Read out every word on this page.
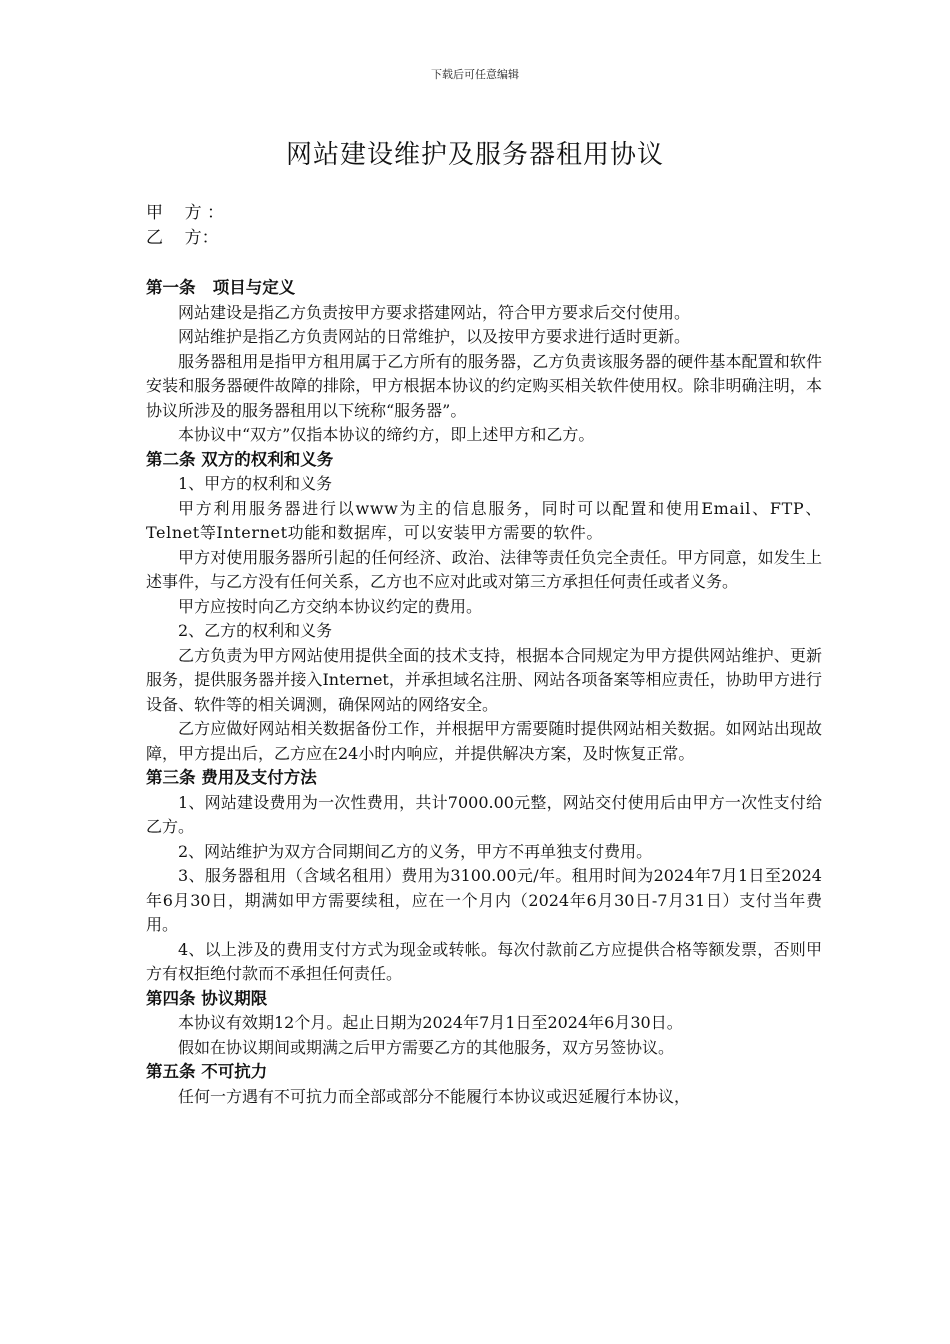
下载后可任意编辑
网站建设维护及服务器租用协议
甲    方 ：
乙    方：
第一条   项目与定义

网站建设是指乙方负责按甲方要求搭建网站，符合甲方要求后交付使用。

网站维护是指乙方负责网站的日常维护，以及按甲方要求进行适时更新。

服务器租用是指甲方租用属于乙方所有的服务器，乙方负责该服务器的硬件基本配置和软件安装和服务器硬件故障的排除，甲方根据本协议的约定购买相关软件使用权。除非明确注明，本协议所涉及的服务器租用以下统称“服务器”。

本协议中“双方”仅指本协议的缔约方，即上述甲方和乙方。

第二条 双方的权利和义务

1、甲方的权利和义务

甲方利用服务器进行以www为主的信息服务，同时可以配置和使用Email、FTP、Telnet等Internet功能和数据库，可以安装甲方需要的软件。

甲方对使用服务器所引起的任何经济、政治、法律等责任负完全责任。甲方同意，如发生上述事件，与乙方没有任何关系，乙方也不应对此或对第三方承担任何责任或者义务。

甲方应按时向乙方交纳本协议约定的费用。

2、乙方的权利和义务

乙方负责为甲方网站使用提供全面的技术支持，根据本合同规定为甲方提供网站维护、更新服务，提供服务器并接入Internet，并承担域名注册、网站各项备案等相应责任，协助甲方进行设备、软件等的相关调测，确保网站的网络安全。

乙方应做好网站相关数据备份工作，并根据甲方需要随时提供网站相关数据。如网站出现故障，甲方提出后，乙方应在24小时内响应，并提供解决方案，及时恢复正常。

第三条 费用及支付方法

1、网站建设费用为一次性费用，共计7000.00元整，网站交付使用后由甲方一次性支付给乙方。

2、网站维护为双方合同期间乙方的义务，甲方不再单独支付费用。

3、服务器租用（含域名租用）费用为3100.00元/年。租用时间为2024年7月1日至2024年6月30日，期满如甲方需要续租，应在一个月内（2024年6月30日-7月31日）支付当年费用。

4、以上涉及的费用支付方式为现金或转帐。每次付款前乙方应提供合格等额发票，否则甲方有权拒绝付款而不承担任何责任。

第四条 协议期限

本协议有效期12个月。起止日期为2024年7月1日至2024年6月30日。

假如在协议期间或期满之后甲方需要乙方的其他服务，双方另签协议。

第五条 不可抗力

任何一方遇有不可抗力而全部或部分不能履行本协议或迟延履行本协议，
